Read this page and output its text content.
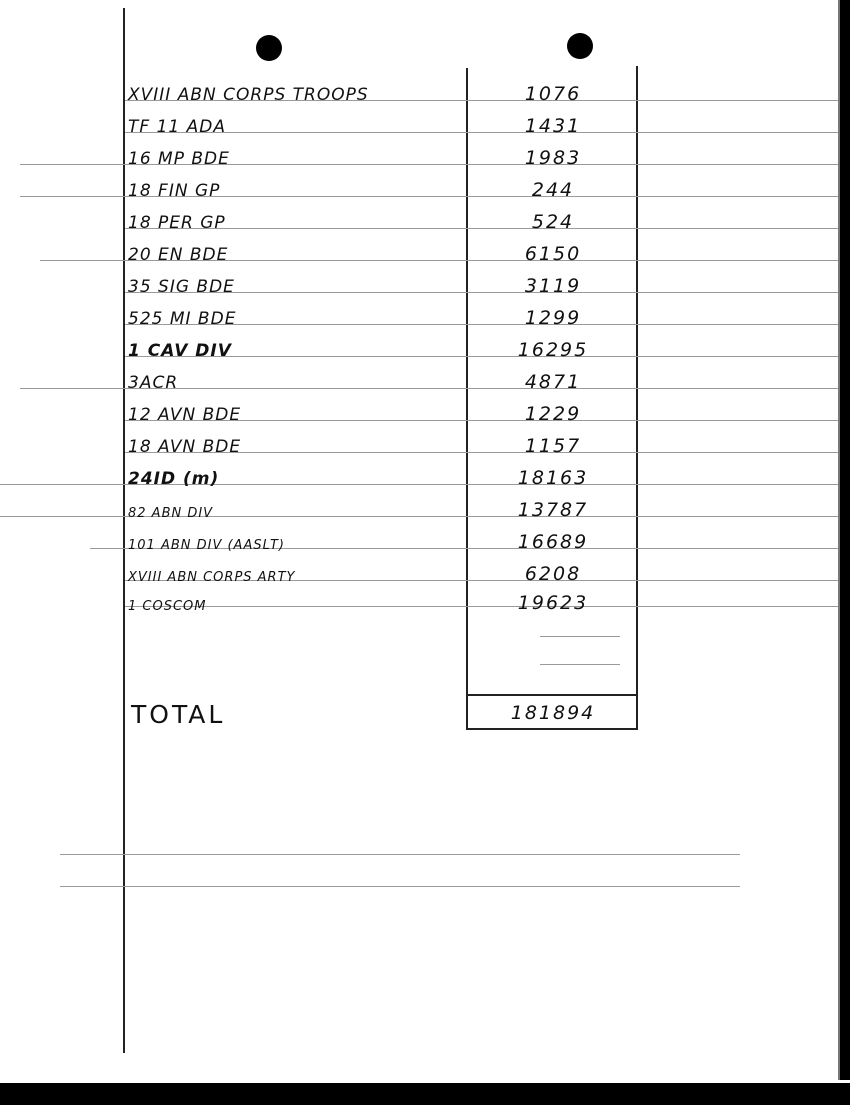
XVIII ABN CORPS TROOPS	1076
TF 11 ADA	1431
16 MP BDE	1983
18 FIN GP	244
18 PER GP	524
20 EN BDE	6150
35 SIG BDE	3119
525 MI BDE	1299
1 CAV DIV	16295
3ACR	4871
12 AVN BDE	1229
18 AVN BDE	1157
24ID (m)	18163
82 ABN DIV	13787
101 ABN DIV (AASLT)	16689
XVIII ABN CORPS ARTY	6208
1 COSCOM	19623
TOTAL	181894
